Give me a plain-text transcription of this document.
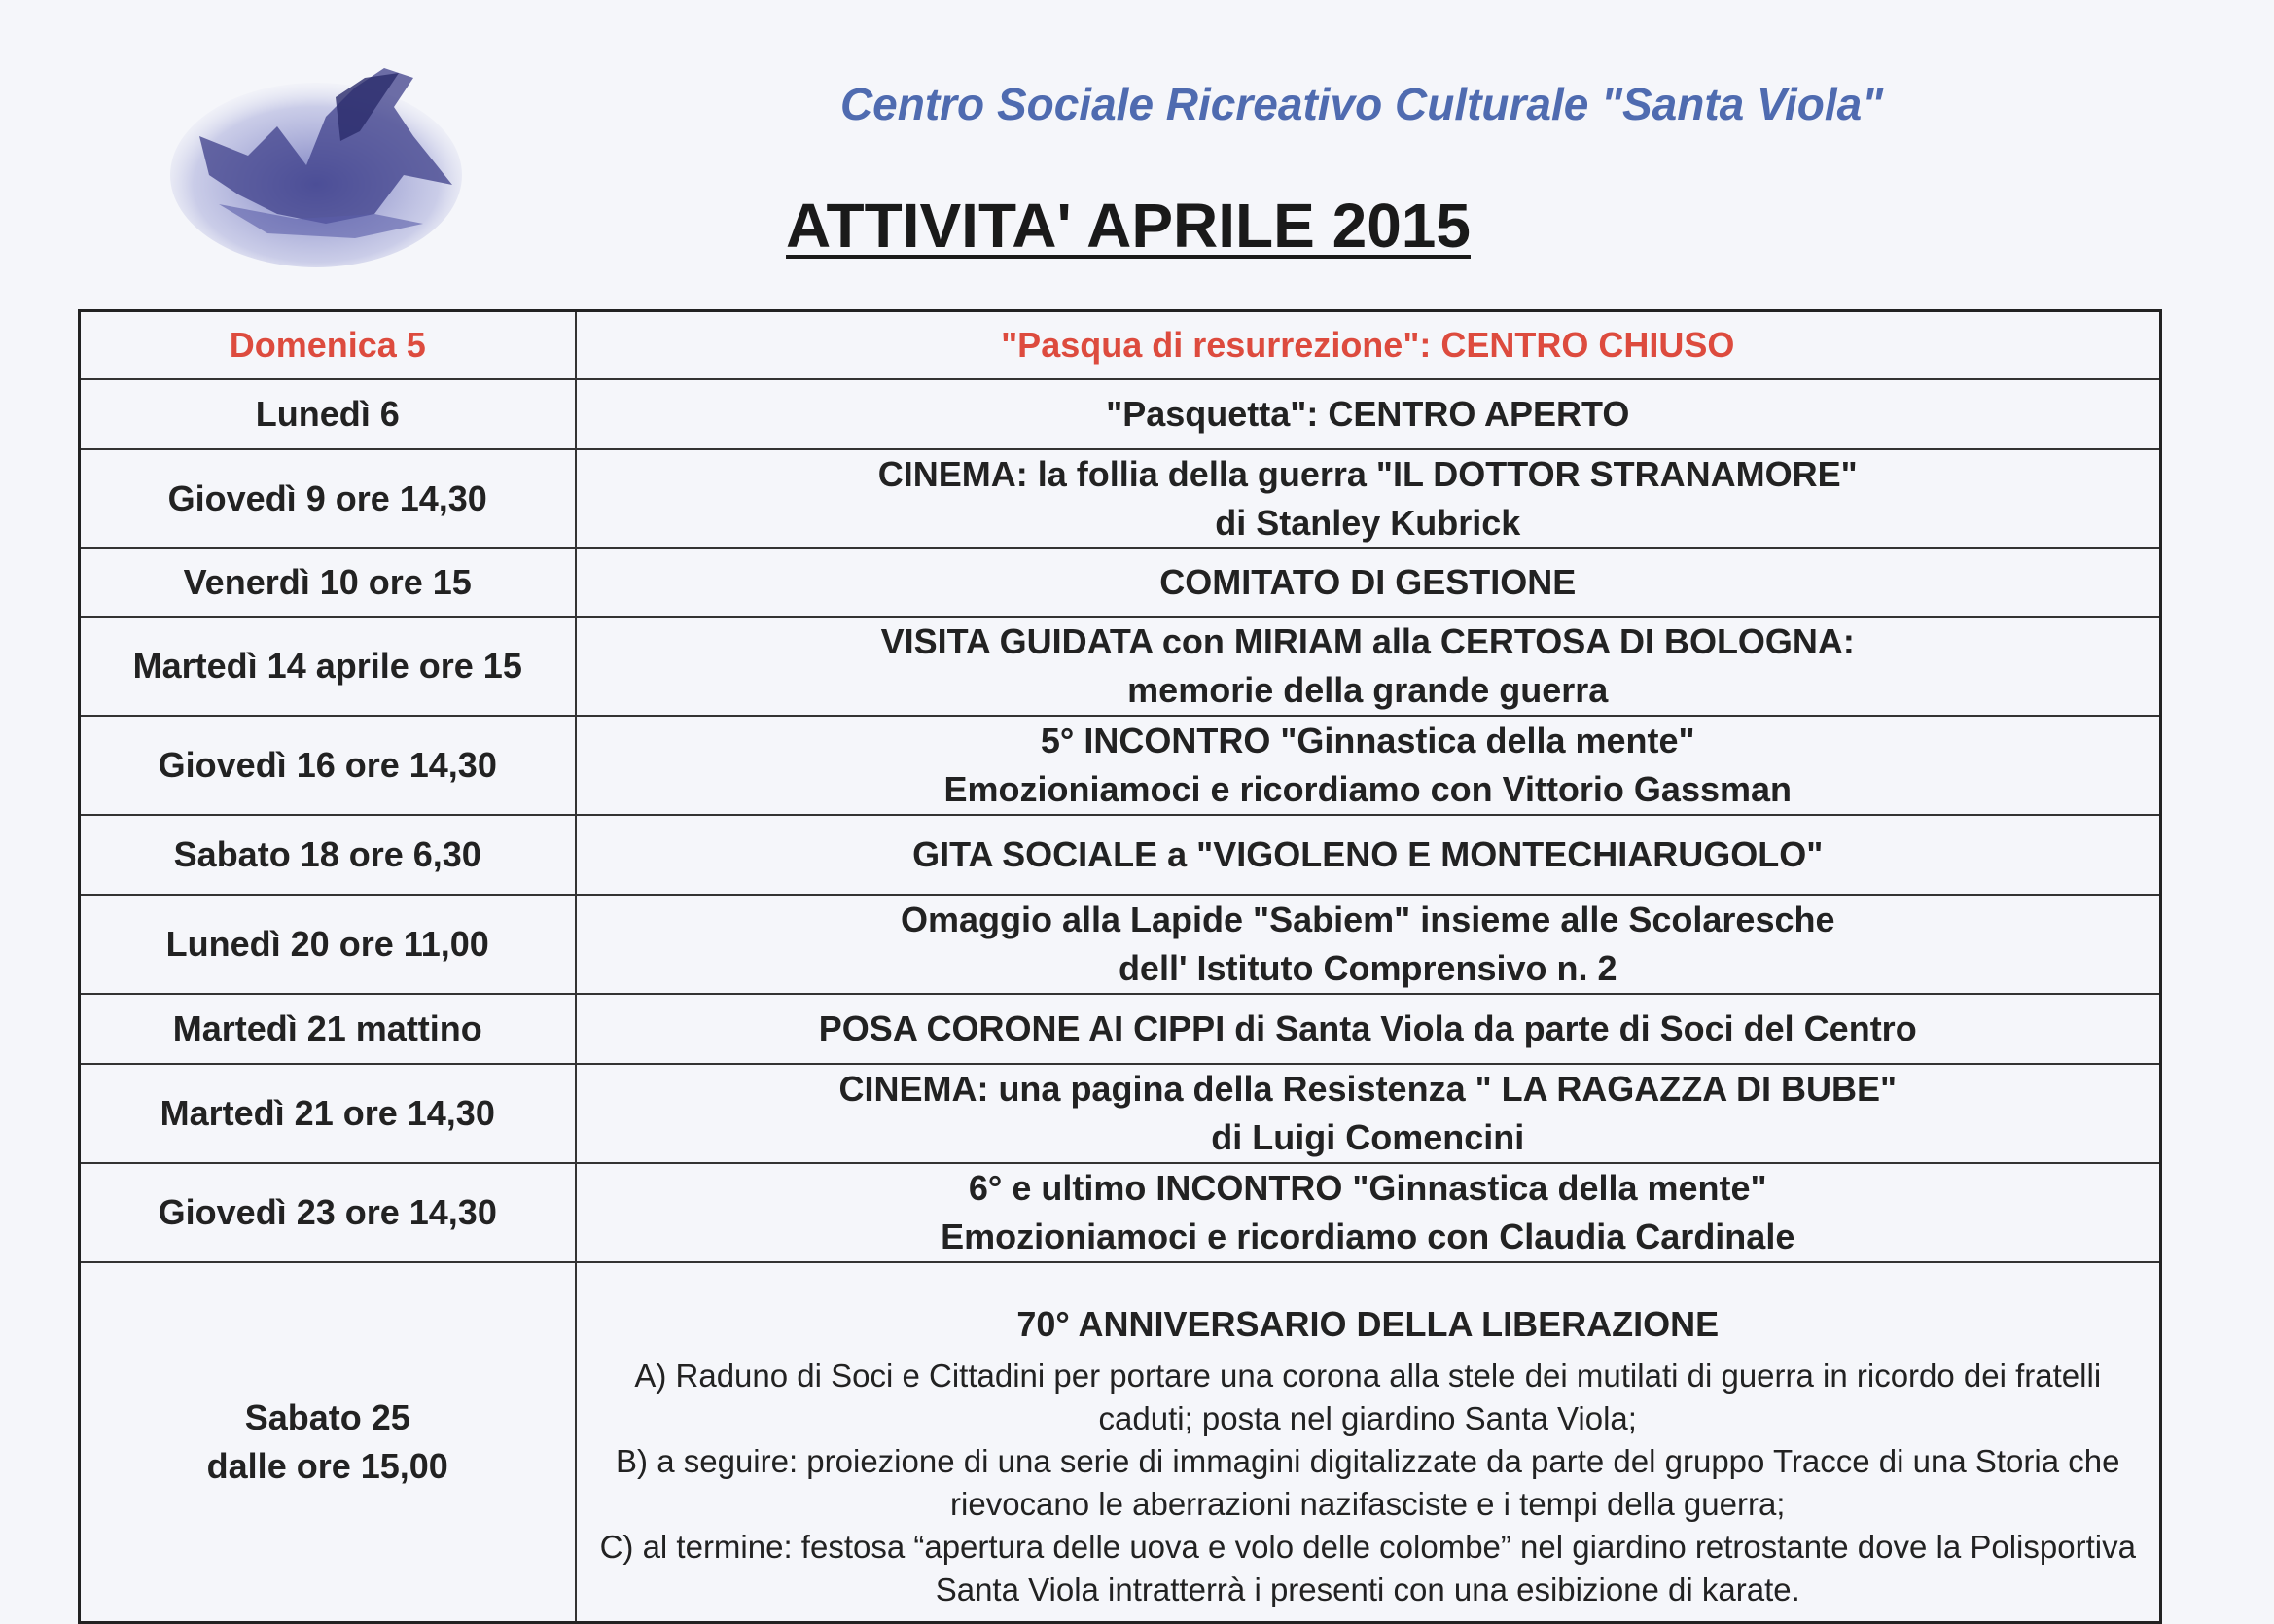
Centro Sociale Ricreativo Culturale "Santa Viola"
ATTIVITA' APRILE 2015
Domenica 5	"Pasqua di resurrezione": CENTRO CHIUSO

Lunedì 6	"Pasquetta": CENTRO APERTO

Giovedì 9 ore 14,30	CINEMA: la follia della guerra "IL DOTTOR STRANAMORE"
di Stanley Kubrick

Venerdì 10 ore 15	COMITATO DI GESTIONE

Martedì 14 aprile ore 15	VISITA GUIDATA con MIRIAM alla CERTOSA DI BOLOGNA:
memorie della grande guerra

Giovedì 16 ore 14,30	5° INCONTRO "Ginnastica della mente"
Emozioniamoci e ricordiamo con Vittorio Gassman

Sabato 18 ore 6,30	GITA SOCIALE a "VIGOLENO E MONTECHIARUGOLO"

Lunedì 20 ore 11,00	Omaggio alla Lapide "Sabiem" insieme alle Scolaresche
dell' Istituto Comprensivo n. 2

Martedì 21 mattino	POSA CORONE AI CIPPI di Santa Viola da parte di Soci del Centro

Martedì 21 ore 14,30	CINEMA: una pagina della Resistenza " LA RAGAZZA DI BUBE"
di Luigi Comencini

Giovedì 23 ore 14,30	6° e ultimo INCONTRO "Ginnastica della mente"
Emozioniamoci e ricordiamo con Claudia Cardinale

Sabato 25
dalle ore 15,00	70° ANNIVERSARIO DELLA LIBERAZIONE
A) Raduno di Soci e Cittadini per portare una corona alla stele dei mutilati di guerra in ricordo dei fratelli caduti; posta nel giardino Santa Viola;
B) a seguire: proiezione di una serie di immagini digitalizzate da parte del gruppo Tracce di una Storia che rievocano le aberrazioni nazifasciste e i tempi della guerra;
C) al termine: festosa “apertura delle uova e volo delle colombe” nel giardino retrostante dove la Polisportiva Santa Viola intratterrà i presenti con una esibizione di karate.
